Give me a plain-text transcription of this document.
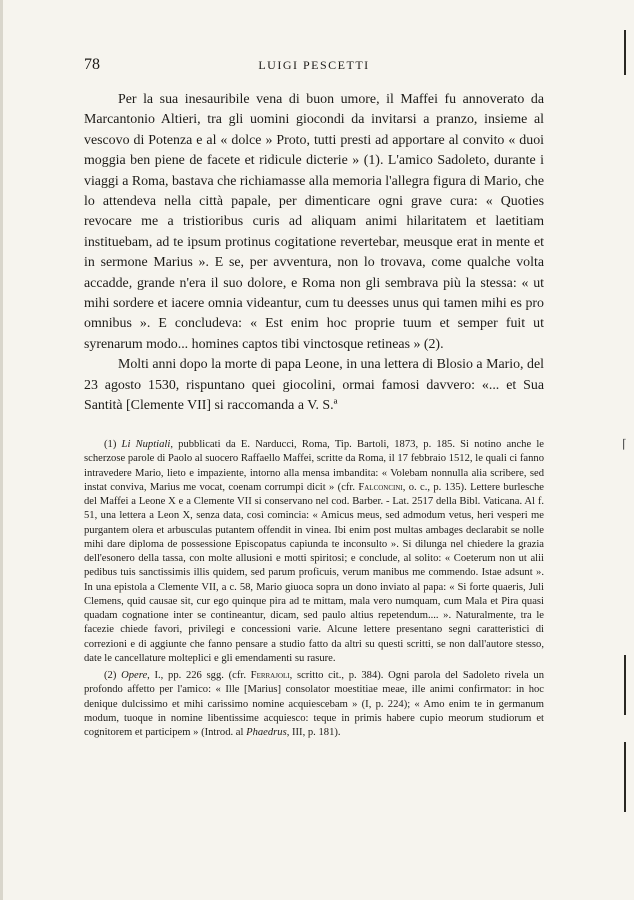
⌈
78	LUIGI PESCETTI

Per la sua inesauribile vena di buon umore, il Maffei fu annoverato da Marcantonio Altieri, tra gli uomini giocondi da invitarsi a pranzo, insieme al vescovo di Potenza e al « dolce » Proto, tutti presti ad apportare al convito « duoi moggia ben piene de facete et ridicule dicterie » (1). L'amico Sadoleto, durante i viaggi a Roma, bastava che richiamasse alla memoria l'allegra figura di Mario, che lo attendeva nella città papale, per dimenticare ogni grave cura: « Quoties revocare me a tristioribus curis ad aliquam animi hilaritatem et laetitiam instituebam, ad te ipsum protinus cogitatione revertebar, meusque erat in mente et in sermone Marius ». E se, per avventura, non lo trovava, come qualche volta accadde, grande n'era il suo dolore, e Roma non gli sembrava più la stessa: « ut mihi sordere et iacere omnia videantur, cum tu deesses unus qui tamen mihi es pro omnibus ». E concludeva: « Est enim hoc proprie tuum et semper fuit ut syrenarum modo... homines captos tibi vinctosque retineas » (2).

Molti anni dopo la morte di papa Leone, in una lettera di Blosio a Mario, del 23 agosto 1530, rispuntano quei giocolini, ormai famosi davvero: «... et Sua Santità [Clemente VII] si raccomanda a V. S.ª

(1) Li Nuptiali, pubblicati da E. Narducci, Roma, Tip. Bartoli, 1873, p. 185. Si notino anche le scherzose parole di Paolo al suocero Raffaello Maffei, scritte da Roma, il 17 febbraio 1512, le quali ci fanno intravedere Mario, lieto e impaziente, intorno alla mensa imbandita: « Volebam nonnulla alia scribere, sed instat conviva, Marius me vocat, coenam corrumpi dicit » (cfr. Falconcini, o. c., p. 135). Lettere burlesche del Maffei a Leone X e a Clemente VII si conservano nel cod. Barber. - Lat. 2517 della Bibl. Vaticana. Al f. 51, una lettera a Leon X, senza data, così comincia: « Amicus meus, sed admodum vetus, heri vesperi me purgantem olera et arbusculas putantem offendit in vinea. Ibi enim post multas ambages declarabit se nolle mihi dare diploma de possessione Episcopatus capiunda te inconsulto ». Si dilunga nel chiedere la grazia dell'esonero della tassa, con molte allusioni e motti spiritosi; e conclude, al solito: « Coeterum non ut alii pedibus tuis sanctissimis illis quidem, sed parum proficuis, verum manibus me commendo. Istae adsunt ». In una epistola a Clemente VII, a c. 58, Mario giuoca sopra un dono inviato al papa: « Si forte quaeris, Juli Clemens, quid causae sit, cur ego quinque pira ad te mittam, mala vero numquam, cum Mala et Pira quasi quadam cognatione inter se contineantur, dicam, sed paulo altius repetendum.... ». Naturalmente, tra le facezie chiede favori, privilegi e concessioni varie. Alcune lettere presentano segni caratteristici di correzioni e di aggiunte che fanno pensare a studio fatto da altri su questi scritti, se non dall'autore stesso, date le cancellature molteplici e gli emendamenti su rasure.

(2) Opere, I., pp. 226 sgg. (cfr. Ferrajoli, scritto cit., p. 384). Ogni parola del Sadoleto rivela un profondo affetto per l'amico: « Ille [Marius] consolator moestitiae meae, ille animi confirmator: in hoc denique dulcissimo et mihi carissimo nomine acquiescebam » (I, p. 224); « Amo enim te in germanum modum, tuoque in nomine libentissime acquiesco: teque in primis habere cupio meorum studiorum et cognitorem et participem » (Introd. al Phaedrus, III, p. 181).
